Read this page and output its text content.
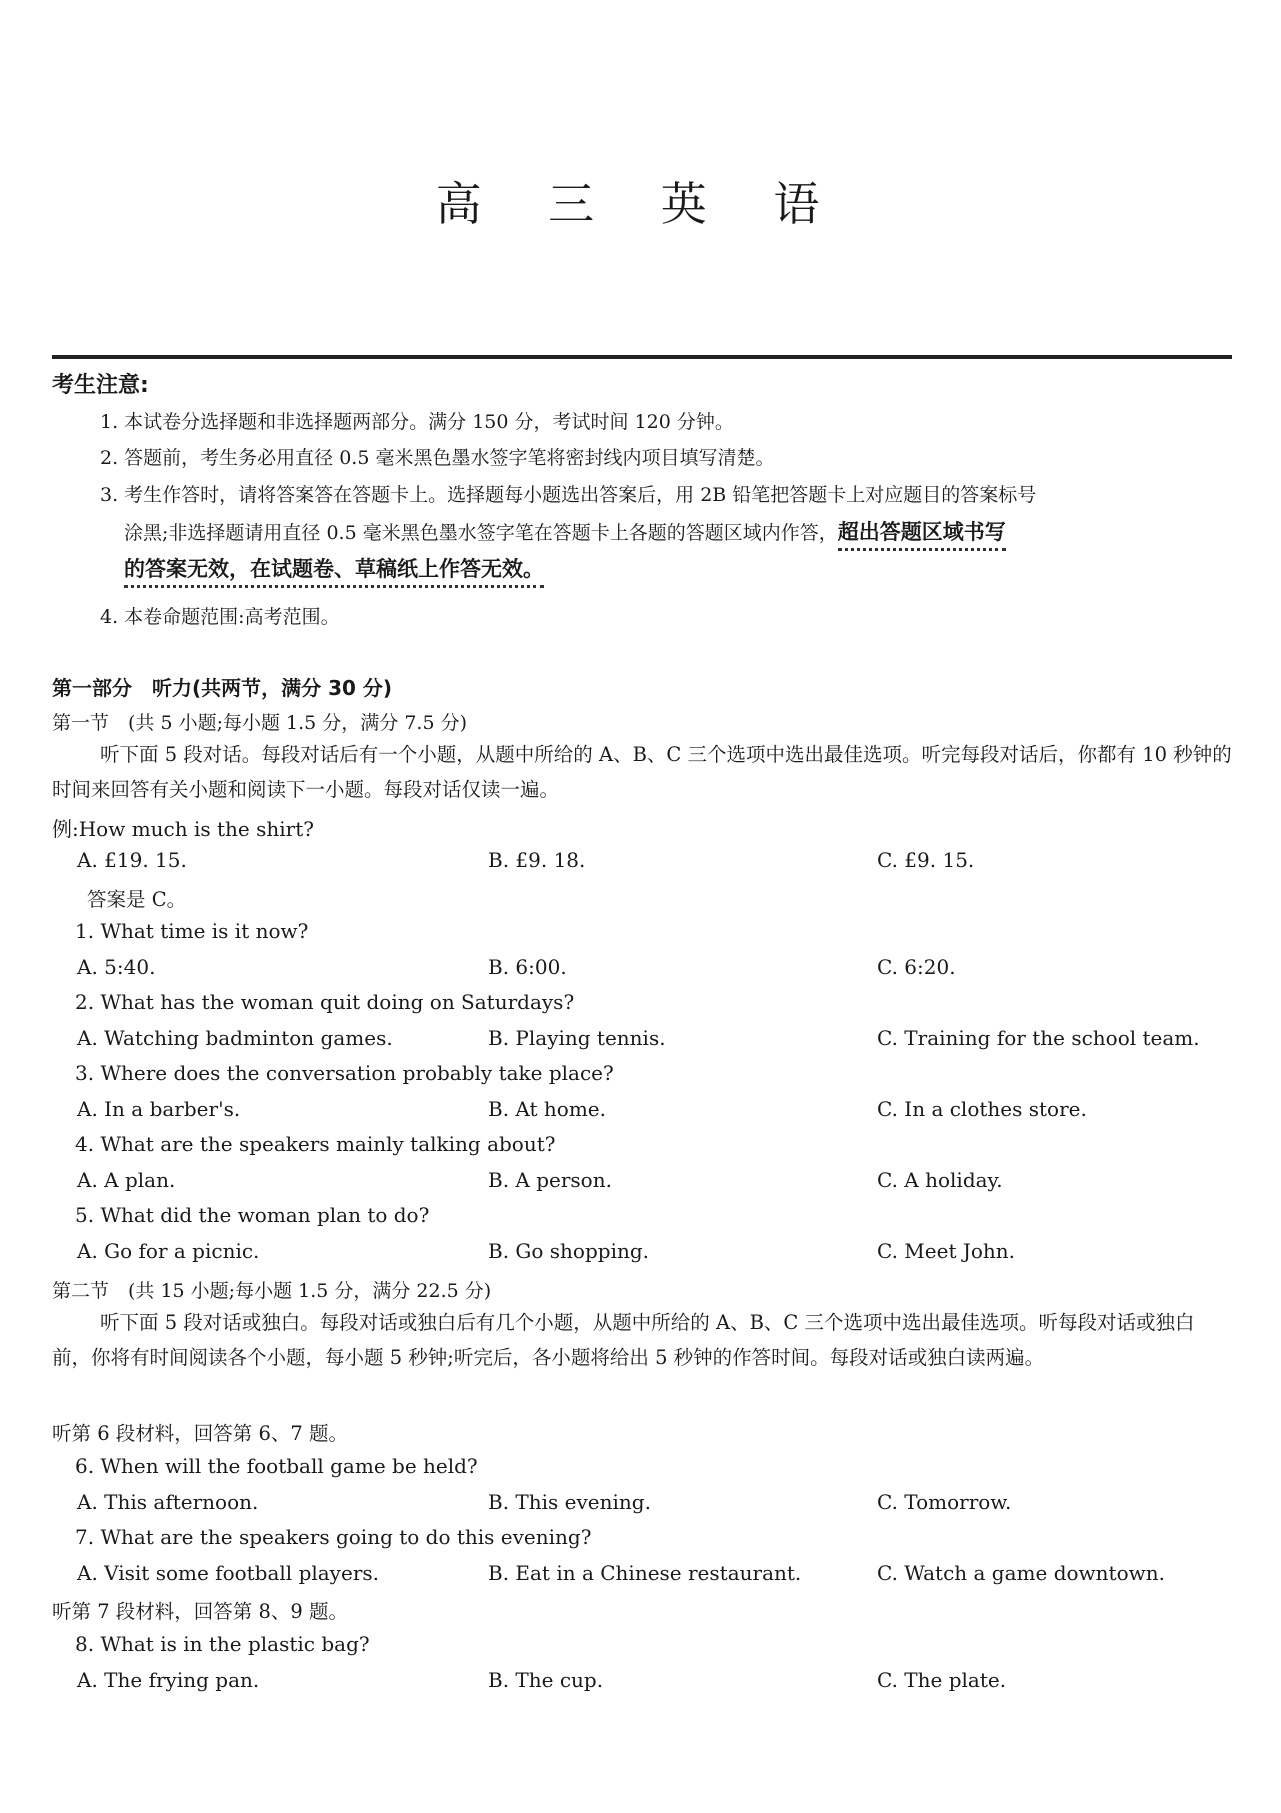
高 三 英 语
考生注意:
1. 本试卷分选择题和非选择题两部分。满分 150 分，考试时间 120 分钟。
2. 答题前，考生务必用直径 0.5 毫米黑色墨水签字笔将密封线内项目填写清楚。
3. 考生作答时，请将答案答在答题卡上。选择题每小题选出答案后，用 2B 铅笔把答题卡上对应题目的答案标号
涂黑;非选择题请用直径 0.5 毫米黑色墨水签字笔在答题卡上各题的答题区域内作答，超出答题区域书写
的答案无效，在试题卷、草稿纸上作答无效。
4. 本卷命题范围:高考范围。
第一部分　听力(共两节，满分 30 分)
第一节　(共 5 小题;每小题 1.5 分，满分 7.5 分)
听下面 5 段对话。每段对话后有一个小题，从题中所给的 A、B、C 三个选项中选出最佳选项。听完每段对话后，你都有 10 秒钟的时间来回答有关小题和阅读下一小题。每段对话仅读一遍。
例:How much is the shirt?
A. £19. 15.	B. £9. 18.	C. £9. 15.
答案是 C。
1. What time is it now?
A. 5:40.	B. 6:00.	C. 6:20.
2. What has the woman quit doing on Saturdays?
A. Watching badminton games.	B. Playing tennis.	C. Training for the school team.
3. Where does the conversation probably take place?
A. In a barber's.	B. At home.	C. In a clothes store.
4. What are the speakers mainly talking about?
A. A plan.	B. A person.	C. A holiday.
5. What did the woman plan to do?
A. Go for a picnic.	B. Go shopping.	C. Meet John.
第二节　(共 15 小题;每小题 1.5 分，满分 22.5 分)
听下面 5 段对话或独白。每段对话或独白后有几个小题，从题中所给的 A、B、C 三个选项中选出最佳选项。听每段对话或独白前，你将有时间阅读各个小题，每小题 5 秒钟;听完后，各小题将给出 5 秒钟的作答时间。每段对话或独白读两遍。
听第 6 段材料，回答第 6、7 题。
6. When will the football game be held?
A. This afternoon.	B. This evening.	C. Tomorrow.
7. What are the speakers going to do this evening?
A. Visit some football players.	B. Eat in a Chinese restaurant.	C. Watch a game downtown.
听第 7 段材料，回答第 8、9 题。
8. What is in the plastic bag?
A. The frying pan.	B. The cup.	C. The plate.
